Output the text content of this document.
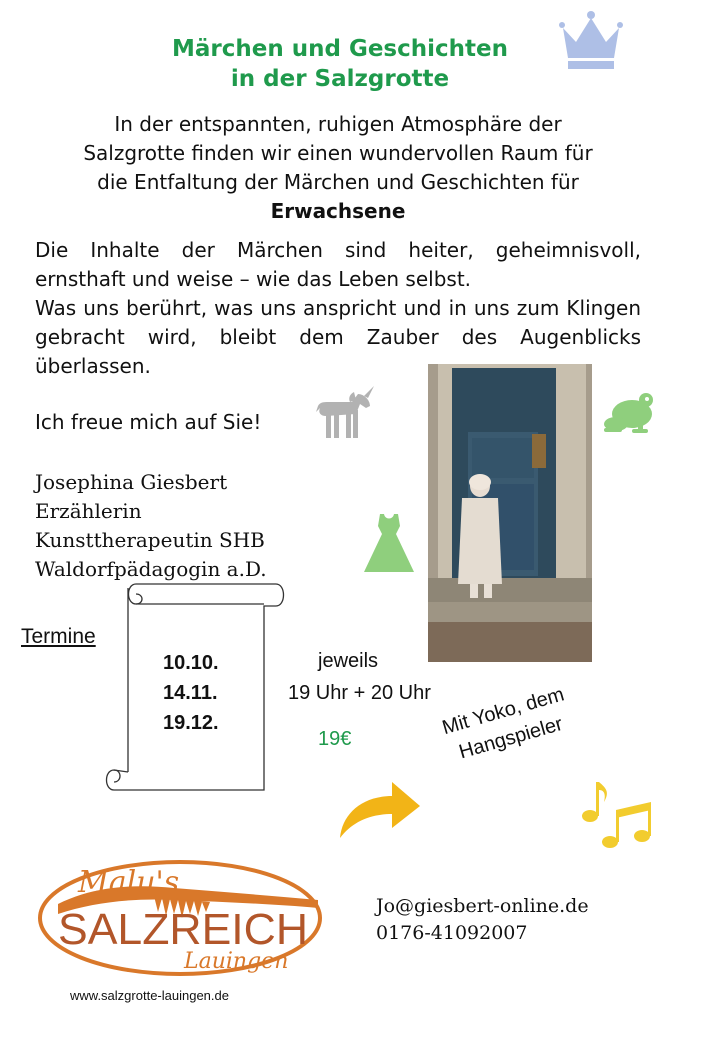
Märchen und Geschichten
in der Salzgrotte
In der entspannten, ruhigen Atmosphäre der
Salzgrotte finden wir einen wundervollen Raum für
die Entfaltung der Märchen und Geschichten für
Erwachsene

Die Inhalte der Märchen sind heiter, geheimnisvoll, ernsthaft und weise – wie das Leben selbst.

Was uns berührt, was uns anspricht und in uns zum Klingen gebracht wird, bleibt dem Zauber des Augenblicks überlassen.

Ich freue mich auf Sie!
Josephina Giesbert
Erzählerin
Kunsttherapeutin SHB
Waldorfpädagogin a.D.
Termine
10.10.
14.11.
19.12.
jeweils
19 Uhr + 20 Uhr
19€	Mit Yoko, dem Hangspieler
Malu's
SALZREICH
Lauingen
Jo@giesbert-online.de
0176-41092007
www.salzgrotte-lauingen.de
